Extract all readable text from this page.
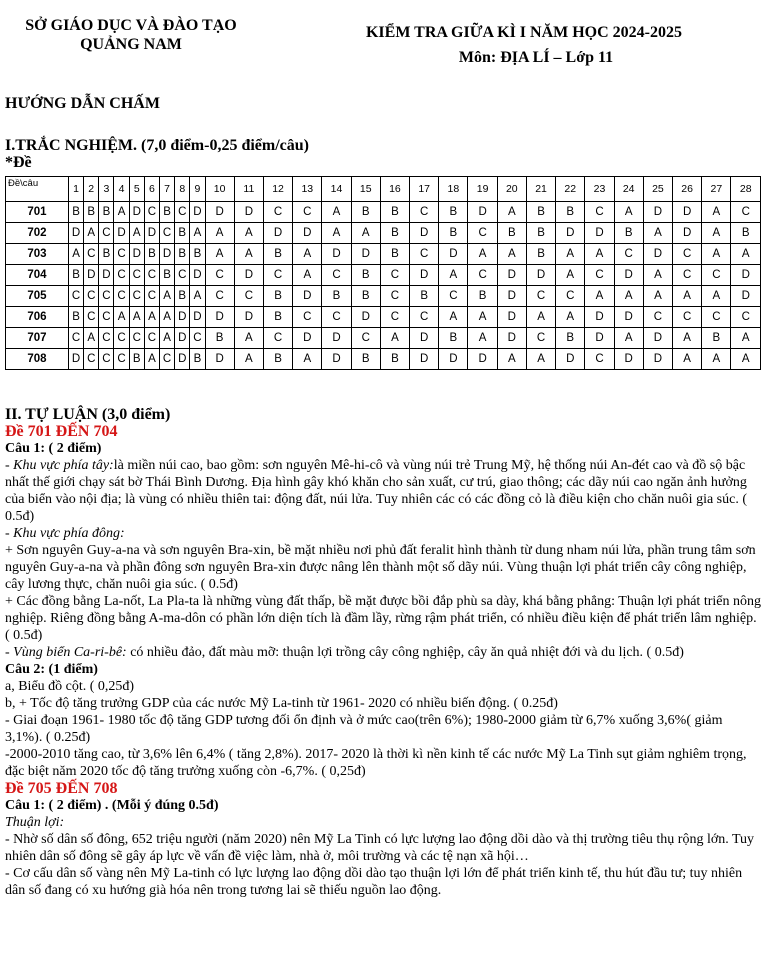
SỞ GIÁO DỤC VÀ ĐÀO TẠO
QUẢNG NAM
KIỂM TRA GIỮA KÌ I NĂM HỌC 2024-2025
Môn: ĐỊA LÍ – Lớp 11
HƯỚNG DẪN CHẤM
I.TRẮC NGHIỆM. (7,0 điểm-0,25 điểm/câu)
*Đề
Đề\câu	1	2	3	4	5	6	7	8	9	10	11	12	13	14	15	16	17	18	19	20	21	22	23	24	25	26	27	28
701	B	B	B	A	D	C	B	C	D	D	D	C	C	A	B	B	C	B	D	A	B	B	C	A	D	D	A	C
702	D	A	C	D	A	D	C	B	A	A	A	D	D	A	A	B	D	B	C	B	B	D	D	B	A	D	A	B
703	A	C	B	C	D	B	D	B	B	A	A	B	A	D	D	B	C	D	A	A	B	A	A	C	D	C	A	A
704	B	D	D	C	C	C	B	C	D	C	D	C	A	C	B	C	D	A	C	D	D	A	C	D	A	C	C	D
705	C	C	C	C	C	C	A	B	A	C	C	B	D	B	B	C	B	C	B	D	C	C	A	A	A	A	A	D
706	B	C	C	A	A	A	A	D	D	D	D	B	C	C	D	C	C	A	A	D	A	A	D	D	C	C	C	C
707	C	A	C	C	C	C	A	D	C	B	A	C	D	D	C	A	D	B	A	D	C	B	D	A	D	A	B	A
708	D	C	C	C	B	A	C	D	B	D	A	B	A	D	B	B	D	D	D	A	A	D	C	D	D	A	A	A

II. TỰ LUẬN (3,0 điểm)

Đề 701 ĐẾN 704

Câu 1: ( 2 điểm)

- Khu vực phía tây:là miền núi cao, bao gồm: sơn nguyên Mê-hi-cô và vùng núi trẻ Trung Mỹ, hệ thống núi An-đét cao và đồ sộ bậc nhất thế giới chạy sát bờ Thái Bình Dương. Địa hình gây khó khăn cho sản xuất, cư trú, giao thông; các dãy núi cao ngăn ảnh hưởng của biển vào nội địa; là vùng có nhiều thiên tai: động đất, núi lửa. Tuy nhiên các có các đồng cỏ là điều kiện cho chăn nuôi gia súc. ( 0.5đ)

- Khu vực phía đông:

+ Sơn nguyên Guy-a-na và sơn nguyên Bra-xin, bề mặt nhiều nơi phủ đất feralit hình thành từ dung nham núi lửa, phần trung tâm sơn nguyên Guy-a-na và phần đông sơn nguyên Bra-xin được nâng lên thành một số dãy núi. Vùng thuận lợi phát triển cây công nghiệp, cây lương thực, chăn nuôi gia súc. ( 0.5đ)

+ Các đồng bằng La-nốt, La Pla-ta là những vùng đất thấp, bề mặt được bồi đắp phù sa dày, khá bằng phẳng: Thuận lợi phát triển nông nghiệp. Riêng đồng bằng A-ma-dôn có phần lớn diện tích là đầm lầy, rừng rậm phát triển, có nhiều điều kiện để phát triển lâm nghiệp. ( 0.5đ)

- Vùng biển Ca-ri-bê: có nhiều đảo, đất màu mỡ: thuận lợi trồng cây công nghiệp, cây ăn quả nhiệt đới và du lịch. ( 0.5đ)

Câu 2: (1 điểm)

a, Biểu đồ cột. ( 0,25đ)

b, + Tốc độ tăng trưởng GDP của các nước Mỹ La-tinh từ 1961- 2020 có nhiều biến động. ( 0.25đ)

- Giai đoạn 1961- 1980 tốc độ tăng GDP tương đối ổn định và ở mức cao(trên 6%); 1980-2000 giảm từ 6,7% xuống 3,6%( giảm 3,1%). ( 0.25đ)

-2000-2010 tăng cao, từ 3,6% lên 6,4% ( tăng 2,8%). 2017- 2020 là thời kì nền kinh tế các nước Mỹ La Tinh sụt giảm nghiêm trọng, đặc biệt năm 2020 tốc độ tăng trưởng xuống còn -6,7%. ( 0,25đ)

Đề 705 ĐẾN 708

Câu 1: ( 2 điểm) . (Mỗi ý đúng 0.5đ)

Thuận lợi:

- Nhờ số dân số đông, 652 triệu người (năm 2020) nên Mỹ La Tinh có lực lượng lao động dồi dào và thị trường tiêu thụ rộng lớn. Tuy nhiên dân số đông sẽ gây áp lực về vấn đề việc làm, nhà ở, môi trường và các tệ nạn xã hội…

- Cơ cấu dân số vàng nên Mỹ La-tinh có lực lượng lao động dồi dào tạo thuận lợi lớn để phát triển kinh tế, thu hút đầu tư; tuy nhiên dân số đang có xu hướng già hóa nên trong tương lai sẽ thiếu nguồn lao động.
